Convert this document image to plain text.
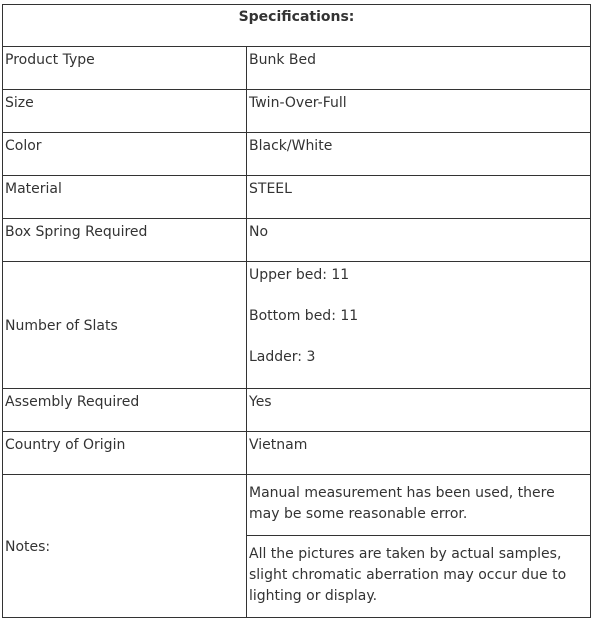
Specifications:	
Product Type	Bunk Bed
Size	Twin-Over-Full
Color	Black/White
Material	STEEL
Box Spring Required	No
Number of Slats	Upper bed: 11
Bottom bed: 11
Ladder: 3

Assembly Required	Yes
Country of Origin	Vietnam
Notes:	Manual measurement has been used, there may be some reasonable error.
All the pictures are taken by actual samples, slight chromatic aberration may occur due to lighting or display.
